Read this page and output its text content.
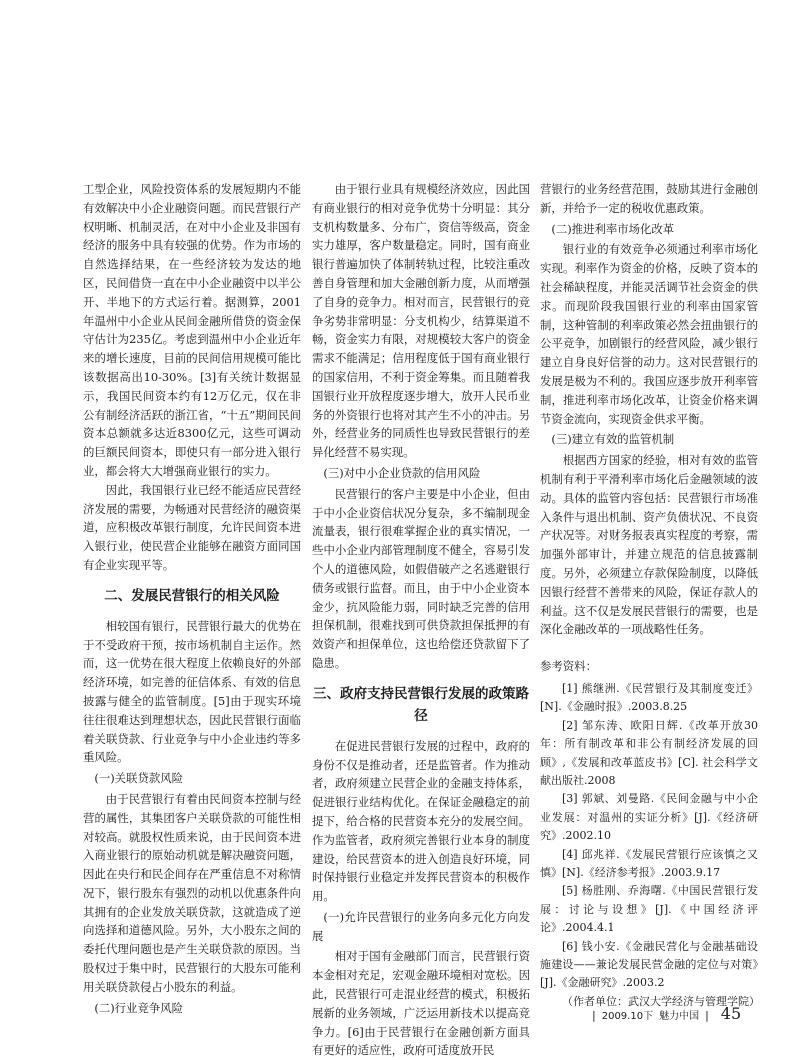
工型企业，风险投资体系的发展短期内不能有效解决中小企业融资问题。而民营银行产权明晰、机制灵活，在对中小企业及非国有经济的服务中具有较强的优势。作为市场的自然选择结果，在一些经济较为发达的地区，民间借贷一直在中小企业融资中以半公开、半地下的方式运行着。据测算，2001年温州中小企业从民间金融所借贷的资金保守估计为235亿。考虑到温州中小企业近年来的增长速度，目前的民间信用规模可能比该数据高出10-30%。[3]有关统计数据显示，我国民间资本约有12万亿元，仅在非公有制经济活跃的浙江省，“十五”期间民间资本总额就多达近8300亿元，这些可调动的巨额民间资本，即使只有一部分进入银行业，都会将大大增强商业银行的实力。

因此，我国银行业已经不能适应民营经济发展的需要，为畅通对民营经济的融资渠道，应积极改革银行制度，允许民间资本进入银行业，使民营企业能够在融资方面同国有企业实现平等。

二、发展民营银行的相关风险

相较国有银行，民营银行最大的优势在于不受政府干预，按市场机制自主运作。然而，这一优势在很大程度上依赖良好的外部经济环境，如完善的征信体系、有效的信息披露与健全的监管制度。[5]由于现实环境往往很难达到理想状态，因此民营银行面临着关联贷款、行业竞争与中小企业违约等多重风险。

(一)关联贷款风险

由于民营银行有着由民间资本控制与经营的属性，其集团客户关联贷款的可能性相对较高。就股权性质来说，由于民间资本进入商业银行的原始动机就是解决融资问题，因此在央行和民企间存在严重信息不对称情况下，银行股东有强烈的动机以优惠条件向其拥有的企业发放关联贷款，这就造成了逆向选择和道德风险。另外，大小股东之间的委托代理问题也是产生关联贷款的原因。当股权过于集中时，民营银行的大股东可能利用关联贷款侵占小股东的利益。

(二)行业竞争风险

由于银行业具有规模经济效应，因此国有商业银行的相对竞争优势十分明显：其分支机构数量多、分布广，资信等级高，资金实力雄厚，客户数量稳定。同时，国有商业银行普遍加快了体制转轨过程，比较注重改善自身管理和加大金融创新力度，从而增强了自身的竞争力。相对而言，民营银行的竞争劣势非常明显：分支机构少，结算渠道不畅，资金实力有限，对规模较大客户的资金需求不能满足；信用程度低于国有商业银行的国家信用，不利于资金筹集。而且随着我国银行业开放程度逐步增大，放开人民币业务的外资银行也将对其产生不小的冲击。另外，经营业务的同质性也导致民营银行的差异化经营不易实现。

(三)对中小企业贷款的信用风险

民营银行的客户主要是中小企业，但由于中小企业资信状况分复杂，多不编制现金流量表，银行很难掌握企业的真实情况，一些中小企业内部管理制度不健全，容易引发个人的道德风险，如假借破产之名逃避银行债务或银行监督。而且，由于中小企业资本金少，抗风险能力弱，同时缺乏完善的信用担保机制，很难找到可供贷款担保抵押的有效资产和担保单位，这也给偿还贷款留下了隐患。

三、政府支持民营银行发展的政策路径

在促进民营银行发展的过程中，政府的身份不仅是推动者，还是监管者。作为推动者，政府须建立民营企业的金融支持体系，促进银行业结构优化。在保证金融稳定的前提下，给合格的民营资本充分的发展空间。作为监管者，政府须完善银行业本身的制度建设，给民营资本的进入创造良好环境，同时保持银行业稳定并发挥民营资本的积极作用。

(一)允许民营银行的业务向多元化方向发展

相对于国有金融部门而言，民营银行资本金相对充足，宏观金融环境相对宽松。因此，民营银行可走混业经营的模式，积极拓展新的业务领域，广泛运用新技术以提高竞争力。[6]由于民营银行在金融创新方面具有更好的适应性，政府可适度放开民

营银行的业务经营范围，鼓励其进行金融创新，并给予一定的税收优惠政策。

(二)推进利率市场化改革

银行业的有效竞争必须通过利率市场化实现。利率作为资金的价格，反映了资本的社会稀缺程度，并能灵活调节社会资金的供求。而现阶段我国银行业的利率由国家管制，这种管制的利率政策必然会扭曲银行的公平竞争，加剧银行的经营风险，减少银行建立自身良好信誉的动力。这对民营银行的发展是极为不利的。我国应逐步放开利率管制，推进利率市场化改革，让资金价格来调节资金流向，实现资金供求平衡。

(三)建立有效的监管机制

根据西方国家的经验，相对有效的监管机制有利于平滑利率市场化后金融领域的波动。具体的监管内容包括：民营银行市场准入条件与退出机制、资产负债状况、不良资产状况等。对财务报表真实程度的考察，需加强外部审计，并建立规范的信息披露制度。另外，必须建立存款保险制度，以降低因银行经营不善带来的风险，保证存款人的利益。这不仅是发展民营银行的需要，也是深化金融改革的一项战略性任务。

参考资料：

[1] 熊继洲.《民营银行及其制度变迁》[N].《金融时报》.2003.8.25

[2] 邹东涛、欧阳日辉.《改革开放30年：所有制改革和非公有制经济发展的回顾》,《发展和改革蓝皮书》[C]. 社会科学文献出版社.2008

[3] 郭斌、刘曼路.《民间金融与中小企业发展：对温州的实证分析》[J].《经济研究》.2002.10

[4] 邱兆祥.《发展民营银行应该慎之又慎》[N].《经济参考报》.2003.9.17

[5] 杨胜刚、乔海曙.《中国民营银行发展：讨论与设想》[J].《中国经济评论》.2004.4.1

[6] 钱小安.《金融民营化与金融基础设施建设——兼论发展民营金融的定位与对策》[J].《金融研究》.2003.2

（作者单位：武汉大学经济与管理学院）

| 2009.10下 魅力中国 | 45
